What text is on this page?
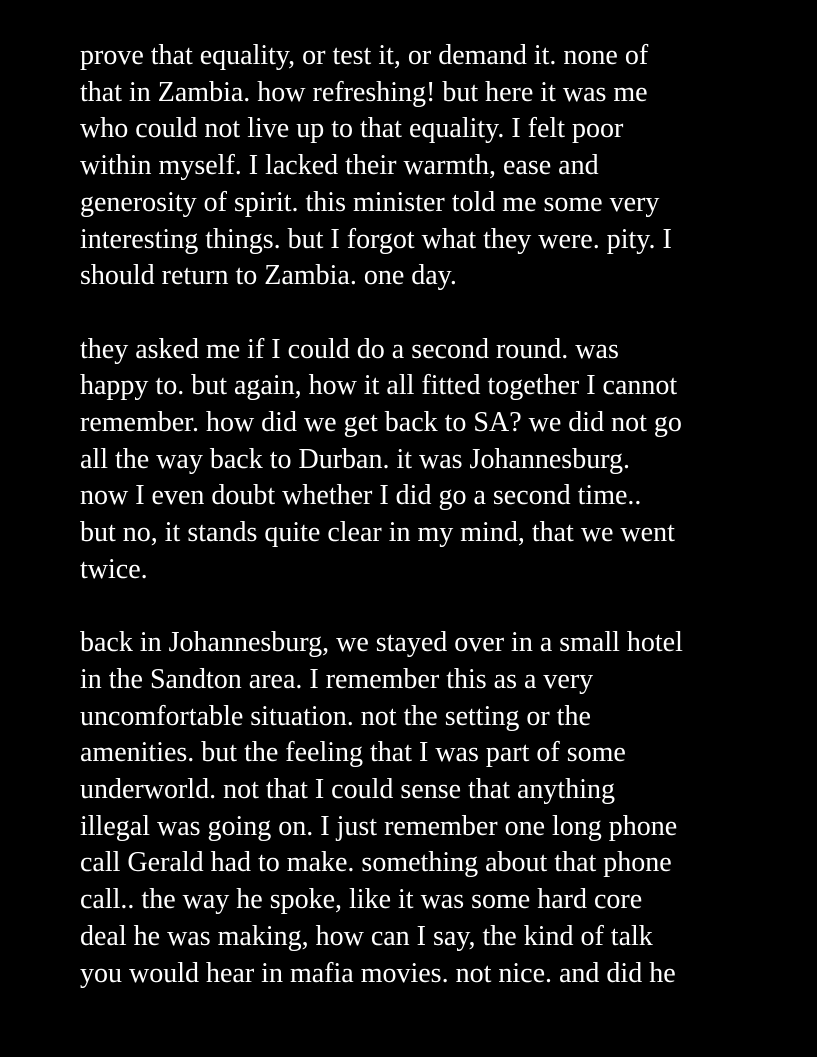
prove that equality, or test it, or demand it. none of
that in Zambia. how refreshing! but here it was me
who could not live up to that equality. I felt poor
within myself. I lacked their warmth, ease and
generosity of spirit. this minister told me some very
interesting things. but I forgot what they were. pity. I
should return to Zambia. one day.

they asked me if I could do a second round. was
happy to. but again, how it all fitted together I cannot
remember. how did we get back to SA? we did not go
all the way back to Durban. it was Johannesburg.
now I even doubt whether I did go a second time..
but no, it stands quite clear in my mind, that we went
twice.

back in Johannesburg, we stayed over in a small hotel
in the Sandton area. I remember this as a very
uncomfortable situation. not the setting or the
amenities. but the feeling that I was part of some
underworld. not that I could sense that anything
illegal was going on. I just remember one long phone
call Gerald had to make. something about that phone
call.. the way he spoke, like it was some hard core
deal he was making, how can I say, the kind of talk
you would hear in mafia movies. not nice. and did he
